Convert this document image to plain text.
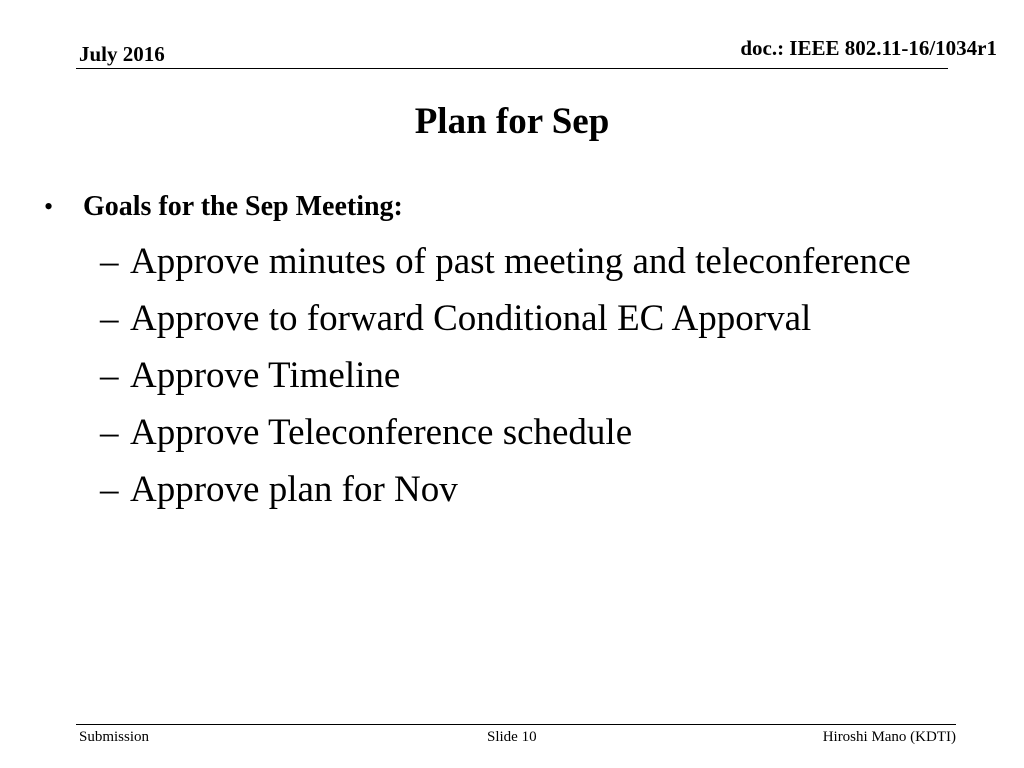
July 2016	doc.: IEEE 802.11-16/1034r1
Plan for Sep
• Goals for the Sep Meeting:
– Approve minutes of past meeting and teleconference
– Approve to forward Conditional EC Apporval
– Approve Timeline
– Approve Teleconference schedule
– Approve plan for Nov
Submission	Slide 10	Hiroshi Mano (KDTI)
